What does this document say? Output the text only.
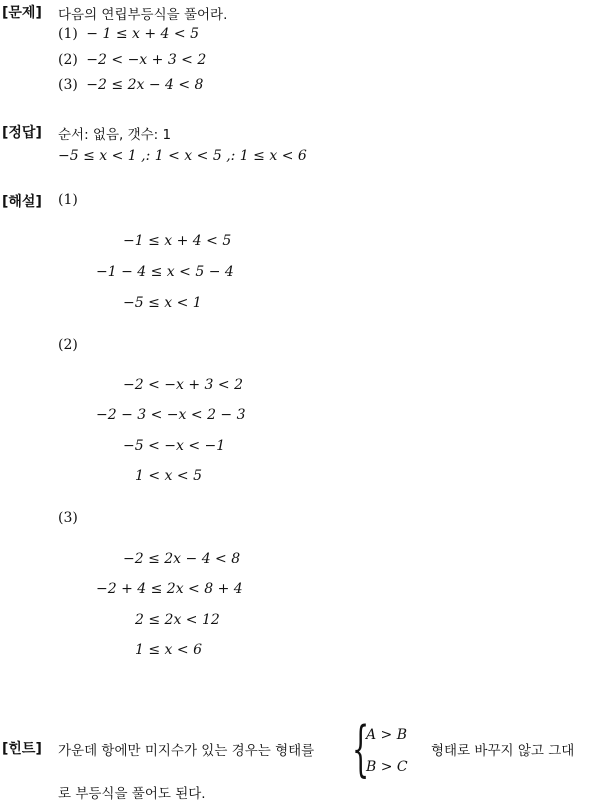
[문제] 다음의 연립부등식을 풀어라.
(1) − 1 ≤ x + 4 < 5
(2) −2 < −x + 3 < 2
(3) −2 ≤ 2x − 4 < 8
[정답] 순서: 없음, 갯수: 1
−5 ≤ x < 1 ,: 1 < x < 5 ,: 1 ≤ x < 6
[해설] (1)
−1 ≤ x + 4 < 5
−1 − 4 ≤ x < 5 − 4
−5 ≤ x < 1
(2)
−2 < −x + 3 < 2
−2 − 3 < −x < 2 − 3
−5 < −x < −1
1 < x < 5
(3)
−2 ≤ 2x − 4 < 8
−2 + 4 ≤ 2x < 8 + 4
2 ≤ 2x < 12
1 ≤ x < 6
[힌트] 가운데 항에만 미지수가 있는 경우는 형태를 {
A > B
B > C
형태로 바꾸지 않고 그대
로 부등식을 풀어도 된다.
